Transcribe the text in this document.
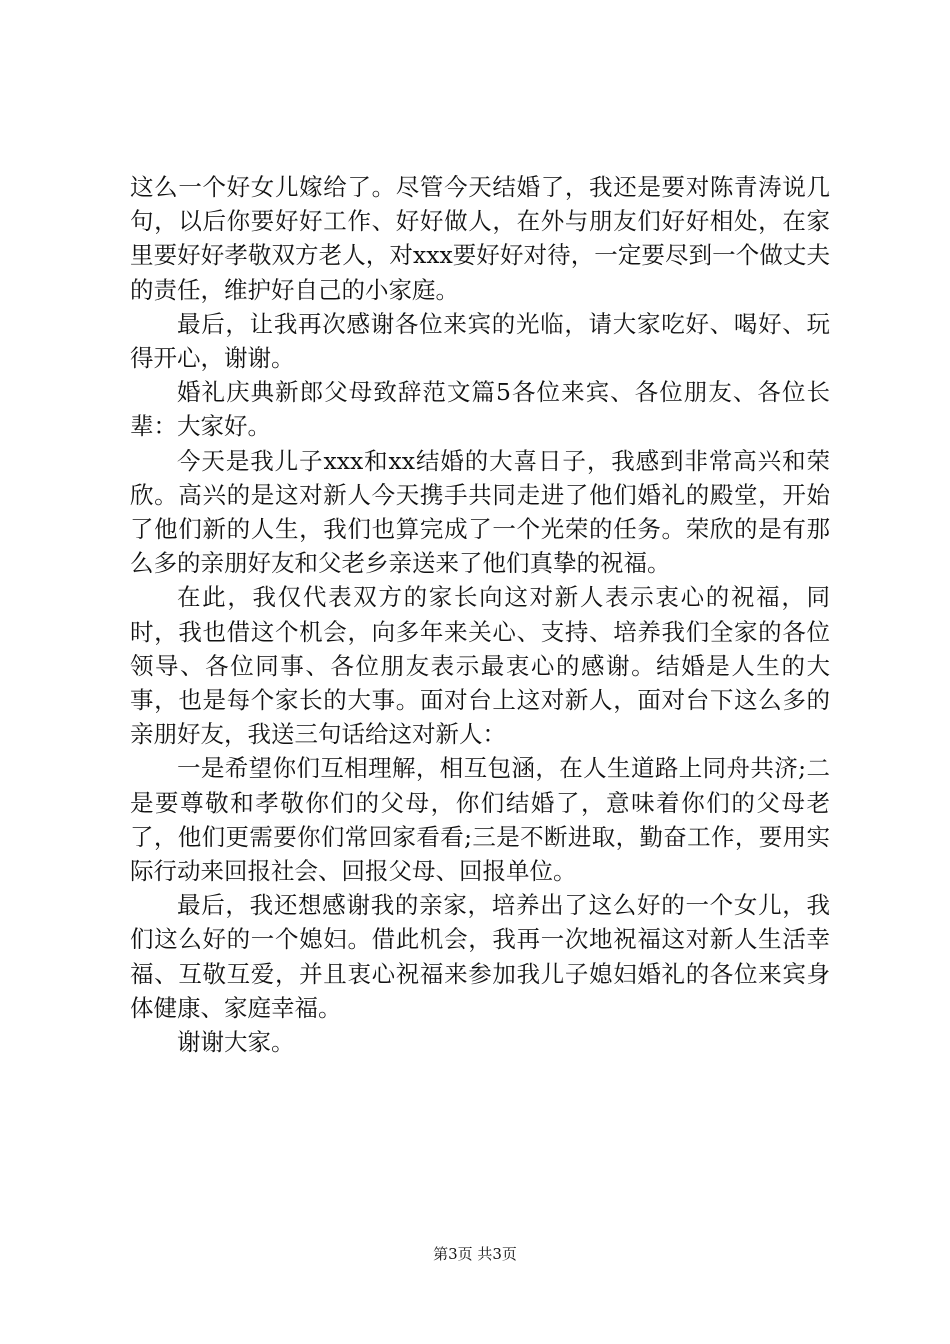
这么一个好女儿嫁给了。尽管今天结婚了，我还是要对陈青涛说几句，以后你要好好工作、好好做人，在外与朋友们好好相处，在家里要好好孝敬双方老人，对xxx要好好对待，一定要尽到一个做丈夫的责任，维护好自己的小家庭。

最后，让我再次感谢各位来宾的光临，请大家吃好、喝好、玩得开心，谢谢。

婚礼庆典新郎父母致辞范文篇5各位来宾、各位朋友、各位长辈：大家好。

今天是我儿子xxx和xx结婚的大喜日子，我感到非常高兴和荣欣。高兴的是这对新人今天携手共同走进了他们婚礼的殿堂，开始了他们新的人生，我们也算完成了一个光荣的任务。荣欣的是有那么多的亲朋好友和父老乡亲送来了他们真挚的祝福。

在此，我仅代表双方的家长向这对新人表示衷心的祝福，同时，我也借这个机会，向多年来关心、支持、培养我们全家的各位领导、各位同事、各位朋友表示最衷心的感谢。结婚是人生的大事，也是每个家长的大事。面对台上这对新人，面对台下这么多的亲朋好友，我送三句话给这对新人：

一是希望你们互相理解，相互包涵，在人生道路上同舟共济;二是要尊敬和孝敬你们的父母，你们结婚了，意味着你们的父母老了，他们更需要你们常回家看看;三是不断进取，勤奋工作，要用实际行动来回报社会、回报父母、回报单位。

最后，我还想感谢我的亲家，培养出了这么好的一个女儿，我们这么好的一个媳妇。借此机会，我再一次地祝福这对新人生活幸福、互敬互爱，并且衷心祝福来参加我儿子媳妇婚礼的各位来宾身体健康、家庭幸福。

谢谢大家。

第3页 共3页
